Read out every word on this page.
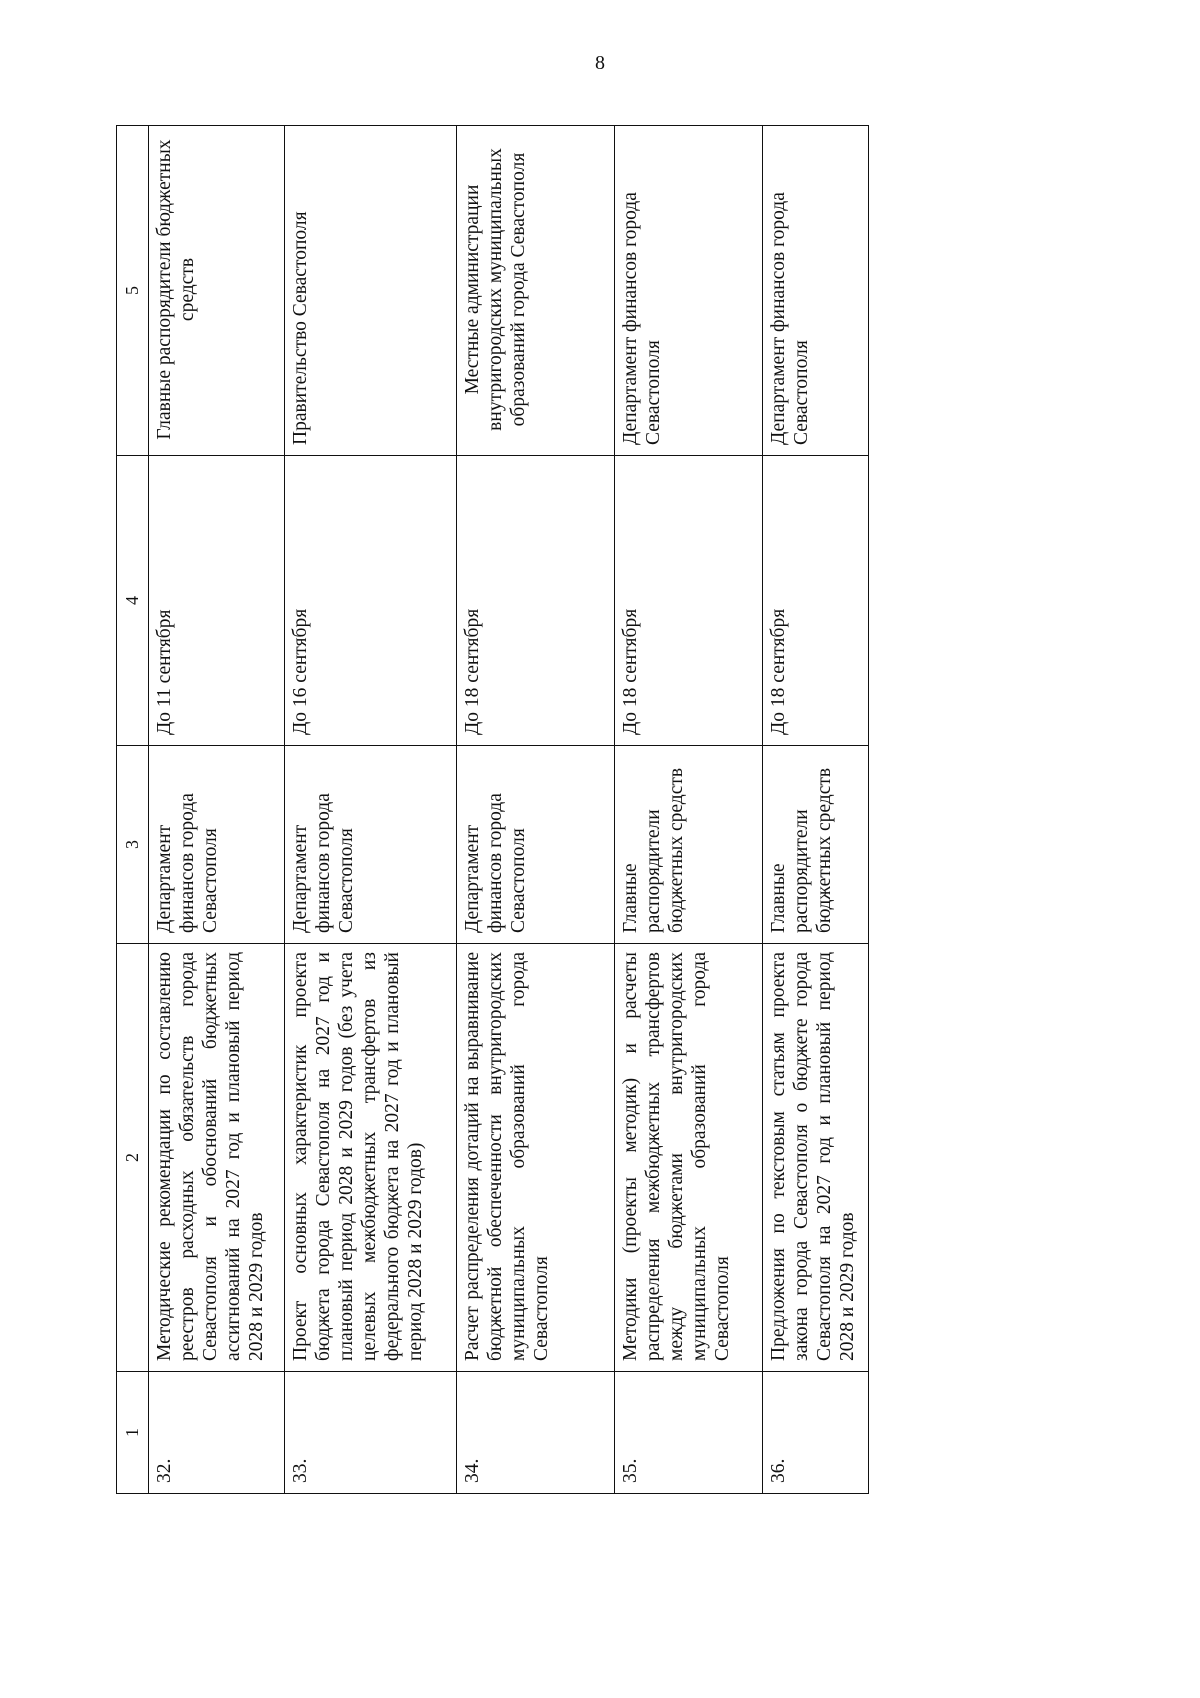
8
1	2	3	4	5
32.	Методические рекомендации по составлению реестров расходных обязательств города Севастополя и обоснований бюджетных ассигнований на 2027 год и плановый период 2028 и 2029 годов	Департамент финансов города Севастополя	До 11 сентября	Главные распорядители бюджетных средств
33.	Проект основных характеристик проекта бюджета города Севастополя на 2027 год и плановый период 2028 и 2029 годов (без учета целевых межбюджетных трансфертов из федерального бюджета на 2027 год и плановый период 2028 и 2029 годов)	Департамент финансов города Севастополя	До 16 сентября	Правительство Севастополя
34.	Расчет распределения дотаций на выравнивание бюджетной обеспеченности внутригородских муниципальных образований города Севастополя	Департамент финансов города Севастополя	До 18 сентября	Местные администрации внутригородских муниципальных образований города Севастополя
35.	Методики (проекты методик) и расчеты распределения межбюджетных трансфертов между бюджетами внутригородских муниципальных образований города Севастополя	Главные распорядители бюджетных средств	До 18 сентября	Департамент финансов города Севастополя
36.	Предложения по текстовым статьям проекта закона города Севастополя о бюджете города Севастополя на 2027 год и плановый период 2028 и 2029 годов	Главные распорядители бюджетных средств	До 18 сентября	Департамент финансов города Севастополя
